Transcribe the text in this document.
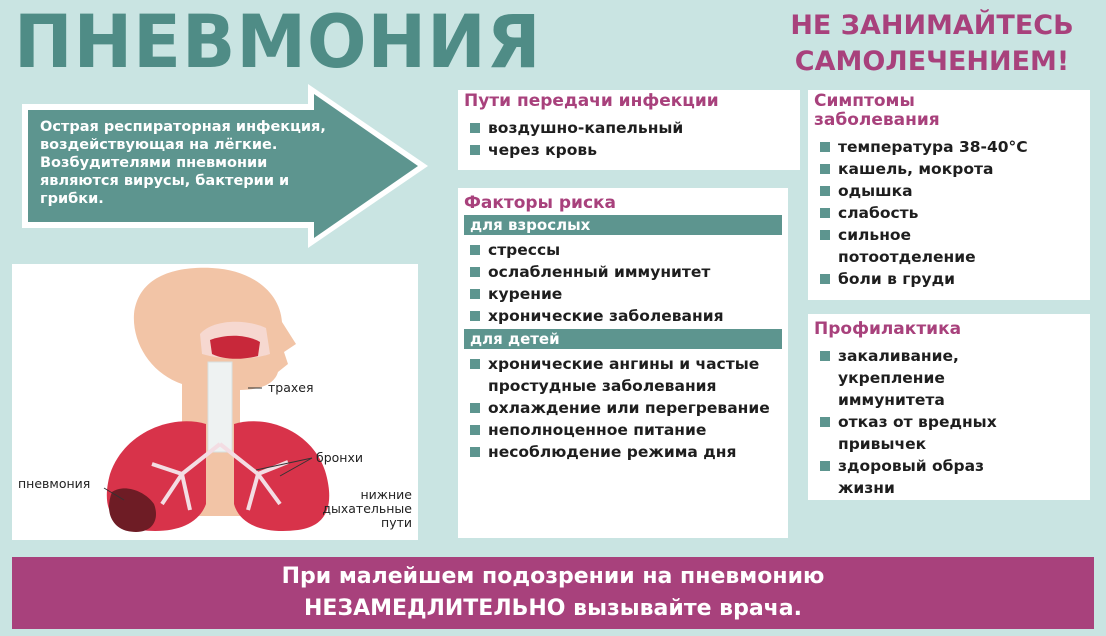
ПНЕВМОНИЯ	НЕ ЗАНИМАЙТЕСЬ
САМОЛЕЧЕНИЕМ!
Острая респираторная инфекция, воздействующая на лёгкие. Возбудителями пневмонии являются вирусы, бактерии и грибки.
трахея
бронхи
пневмония
нижние дыхательные пути
Пути передачи инфекции
воздушно-капельный
через кровь
Факторы риска
для взрослых
стрессы
ослабленный иммунитет
курение
хронические заболевания
для детей
хронические ангины и частые простудные заболевания
охлаждение или перегревание
неполноценное питание
несоблюдение режима дня
Симптомы заболевания
температура 38-40°С
кашель, мокрота
одышка
слабость
сильное потоотделение
боли в груди
Профилактика
закаливание, укрепление иммунитета
отказ от вредных привычек
здоровый образ жизни
При малейшем подозрении на пневмонию
НЕЗАМЕДЛИТЕЛЬНО вызывайте врача.
